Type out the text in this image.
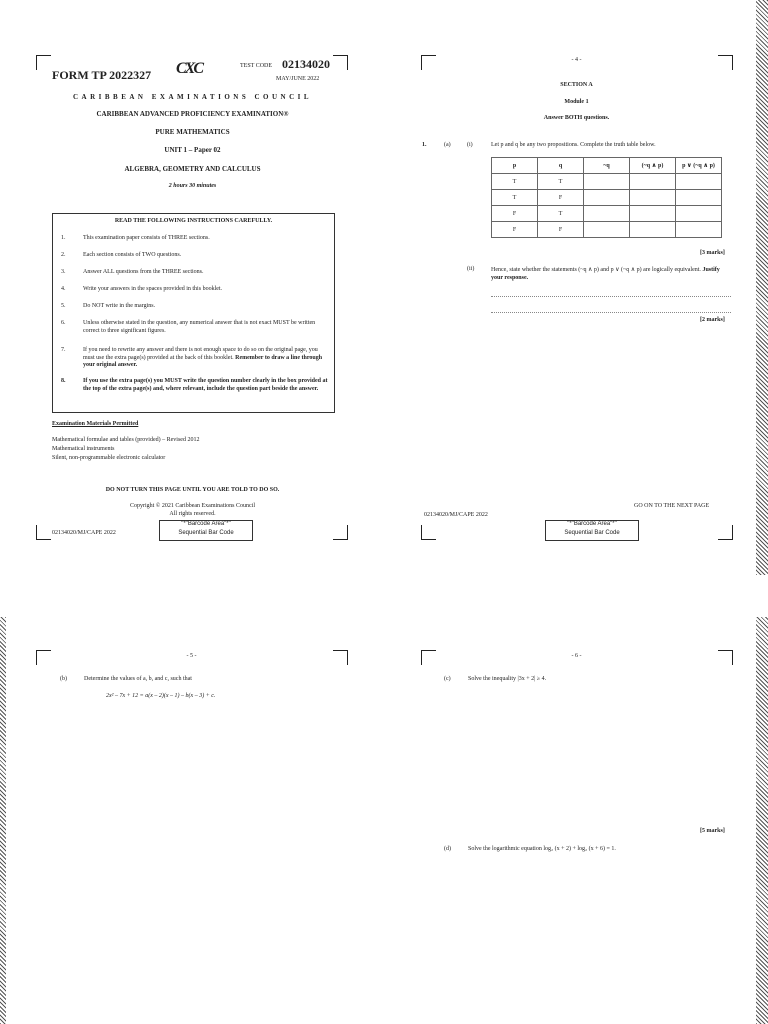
FORM TP 2022327 CXC	TEST CODE 02134020
MAY/JUNE 2022
CARIBBEAN EXAMINATIONS COUNCIL
CARIBBEAN ADVANCED PROFICIENCY EXAMINATION®
PURE MATHEMATICS
UNIT 1 – Paper 02
ALGEBRA, GEOMETRY AND CALCULUS
2 hours 30 minutes
READ THE FOLLOWING INSTRUCTIONS CAREFULLY.
1.	This examination paper consists of THREE sections.
2.	Each section consists of TWO questions.
3.	Answer ALL questions from the THREE sections.
4.	Write your answers in the spaces provided in this booklet.
5.	Do NOT write in the margins.
6.	Unless otherwise stated in the question, any numerical answer that is not exact MUST be written correct to three significant figures.
7.	If you need to rewrite any answer and there is not enough space to do so on the original page, you must use the extra page(s) provided at the back of this booklet. Remember to draw a line through your original answer.
8.	If you use the extra page(s) you MUST write the question number clearly in the box provided at the top of the extra page(s) and, where relevant, include the question part beside the answer.
Examination Materials Permitted
Mathematical formulae and tables (provided) – Revised 2012
Mathematical instruments
Silent, non-programmable electronic calculator
DO NOT TURN THIS PAGE UNTIL YOU ARE TOLD TO DO SO.
Copyright © 2021 Caribbean Examinations Council
All rights reserved.
"*"Barcode Area"*"
Sequential Bar Code
02134020/MJ/CAPE 2022
- 4 -
SECTION A
Module 1
Answer BOTH questions.
1.	(a)	(i)	Let p and q be any two propositions. Complete the truth table below.
p	q	~q	(~q ∧ p)	p ∨ (~q ∧ p)
T	T			
T	F			
F	T			
F	F			
[3 marks]
(ii)	Hence, state whether the statements (~q ∧ p) and p ∨ (~q ∧ p) are logically equivalent. Justify your response.
[2 marks]
GO ON TO THE NEXT PAGE
02134020/MJ/CAPE 2022
"*"Barcode Area"*"
Sequential Bar Code
- 5 -
(b)	Determine the values of a, b, and c, such that
2x² – 7x + 12 = a(x – 2)(x – 1) – b(x – 3) + c.
- 6 -
(c)	Solve the inequality |3x + 2| ≥ 4.
[5 marks]
(d)	Solve the logarithmic equation log₂ (x + 2) + log₂ (x + 6) = 1.
